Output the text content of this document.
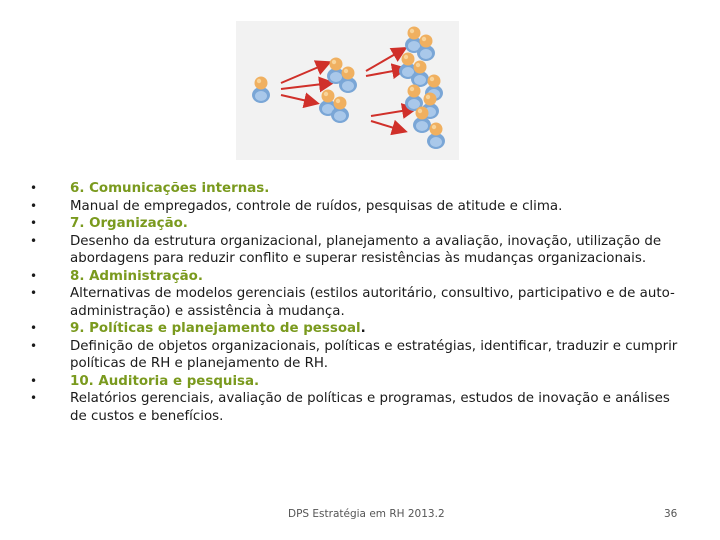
• 6. Comunicações internas.
• Manual de empregados, controle de ruídos, pesquisas de atitude e clima.
• 7. Organização.
• Desenho da estrutura organizacional, planejamento a avaliação, inovação, utilização de abordagens para reduzir conflito e superar resistências às mudanças organizacionais.
• 8. Administração.
• Alternativas de modelos gerenciais (estilos autoritário, consultivo, participativo e de auto- administração) e assistência à mudança.
• 9. Políticas e planejamento de pessoal.
• Definição de objetos organizacionais, políticas e estratégias, identificar, traduzir e cumprir políticas de RH e planejamento de RH.
• 10. Auditoria e pesquisa.
• Relatórios gerenciais, avaliação de políticas e programas, estudos de inovação e análises de custos e benefícios.
DPS Estratégia em RH 2013.2	36
